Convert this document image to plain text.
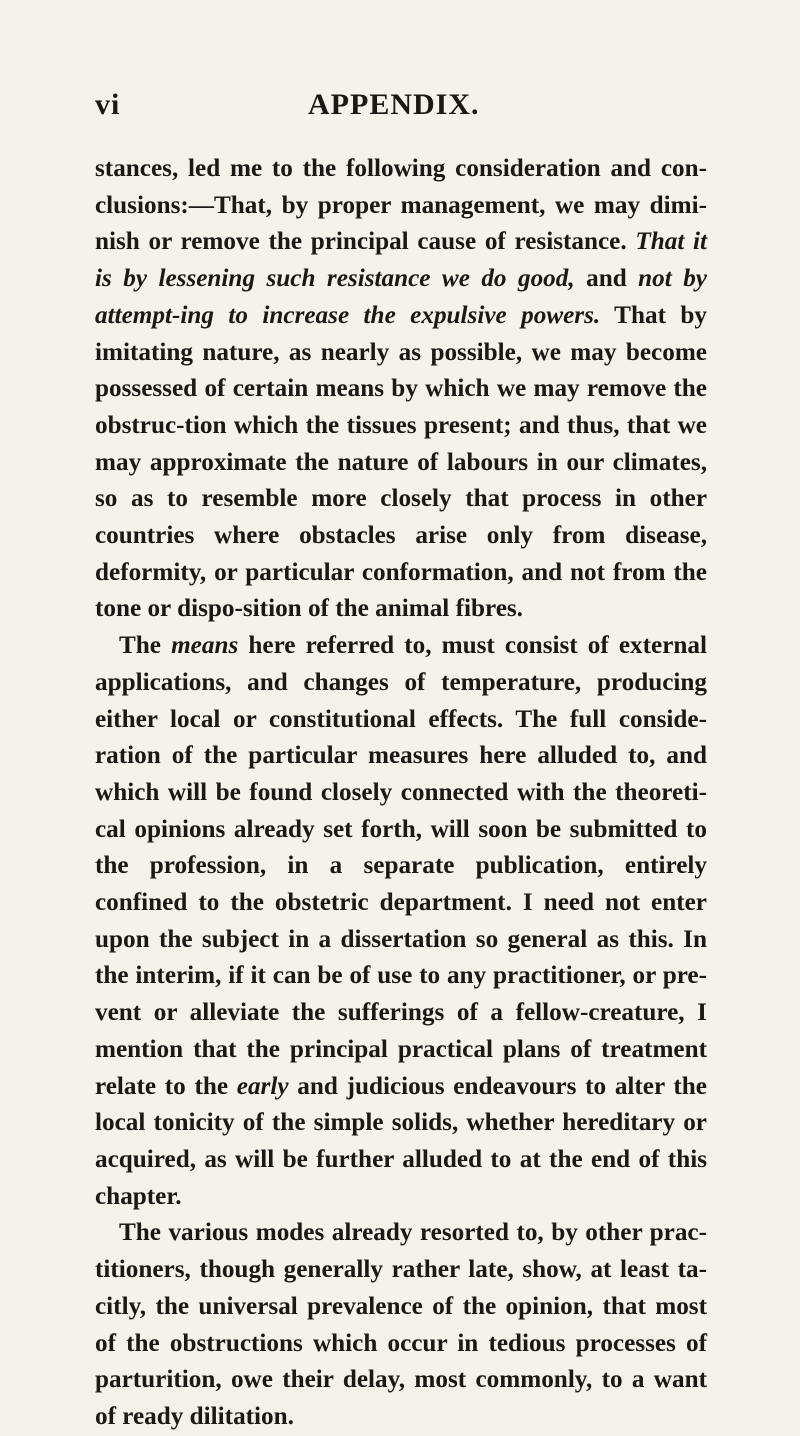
vi	APPENDIX.

stances, led me to the following consideration and con-clusions:—That, by proper management, we may dimi-nish or remove the principal cause of resistance. That it is by lessening such resistance we do good, and not by attempt-ing to increase the expulsive powers. That by imitating nature, as nearly as possible, we may become possessed of certain means by which we may remove the obstruc-tion which the tissues present; and thus, that we may approximate the nature of labours in our climates, so as to resemble more closely that process in other countries where obstacles arise only from disease, deformity, or particular conformation, and not from the tone or dispo-sition of the animal fibres.

The means here referred to, must consist of external applications, and changes of temperature, producing either local or constitutional effects. The full conside-ration of the particular measures here alluded to, and which will be found closely connected with the theoreti-cal opinions already set forth, will soon be submitted to the profession, in a separate publication, entirely confined to the obstetric department. I need not enter upon the subject in a dissertation so general as this. In the interim, if it can be of use to any practitioner, or pre-vent or alleviate the sufferings of a fellow-creature, I mention that the principal practical plans of treatment relate to the early and judicious endeavours to alter the local tonicity of the simple solids, whether hereditary or acquired, as will be further alluded to at the end of this chapter.

The various modes already resorted to, by other prac-titioners, though generally rather late, show, at least ta-citly, the universal prevalence of the opinion, that most of the obstructions which occur in tedious processes of parturition, owe their delay, most commonly, to a want of ready dilitation.
